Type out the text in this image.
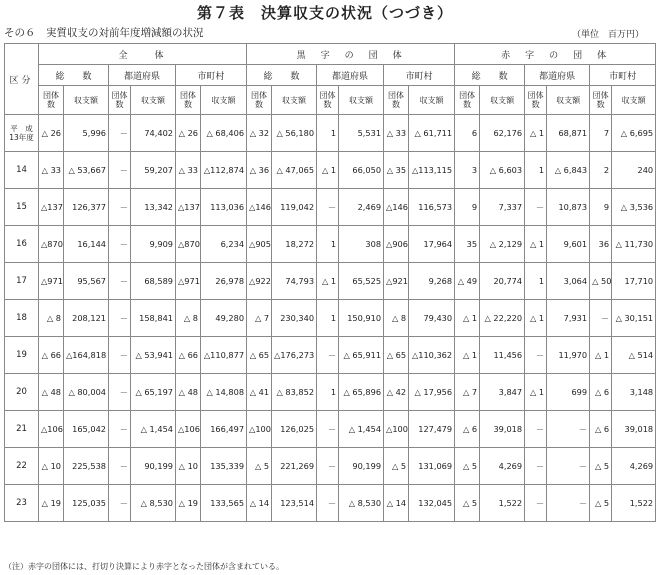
第７表　決算収支の状況（つづき）
その６　実質収支の対前年度増減額の状況	（単位　百万円）
区分	全　　体						黒　字　の　団　体						赤　字　の　団　体					
	総　　数		都道府県		市町村		総　　数		都道府県		市町村		総　　数		都道府県		市町村	
	団体数	収支額	団体数	収支額	団体数	収支額	団体数	収支額	団体数	収支額	団体数	収支額	団体数	収支額	団体数	収支額	団体数	収支額
平　成 13年度	△ 26	5,996	－	74,402	△ 26	△ 68,406	△ 32	△ 56,180	1	5,531	△ 33	△ 61,711	6	62,176	△ 1	68,871	7	△ 6,695
14	△ 33	△ 53,667	－	59,207	△ 33	△112,874	△ 36	△ 47,065	△ 1	66,050	△ 35	△113,115	3	△ 6,603	1	△ 6,843	2	240
15	△137	126,377	－	13,342	△137	113,036	△146	119,042	－	2,469	△146	116,573	9	7,337	－	10,873	9	△ 3,536
16	△870	16,144	－	9,909	△870	6,234	△905	18,272	1	308	△906	17,964	35	△ 2,129	△ 1	9,601	36	△ 11,730
17	△971	95,567	－	68,589	△971	26,978	△922	74,793	△ 1	65,525	△921	9,268	△ 49	20,774	1	3,064	△ 50	17,710
18	△ 8	208,121	－	158,841	△ 8	49,280	△ 7	230,340	1	150,910	△ 8	79,430	△ 1	△ 22,220	△ 1	7,931	－	△ 30,151
19	△ 66	△164,818	－	△ 53,941	△ 66	△110,877	△ 65	△176,273	－	△ 65,911	△ 65	△110,362	△ 1	11,456	－	11,970	△ 1	△ 514
20	△ 48	△ 80,004	－	△ 65,197	△ 48	△ 14,808	△ 41	△ 83,852	1	△ 65,896	△ 42	△ 17,956	△ 7	3,847	△ 1	699	△ 6	3,148
21	△106	165,042	－	△ 1,454	△106	166,497	△100	126,025	－	△ 1,454	△100	127,479	△ 6	39,018	－	－	△ 6	39,018
22	△ 10	225,538	－	90,199	△ 10	135,339	△ 5	221,269	－	90,199	△ 5	131,069	△ 5	4,269	－	－	△ 5	4,269
23	△ 19	125,035	－	△ 8,530	△ 19	133,565	△ 14	123,514	－	△ 8,530	△ 14	132,045	△ 5	1,522	－	－	△ 5	1,522
（注）赤字の団体には、打切り決算により赤字となった団体が含まれている。
